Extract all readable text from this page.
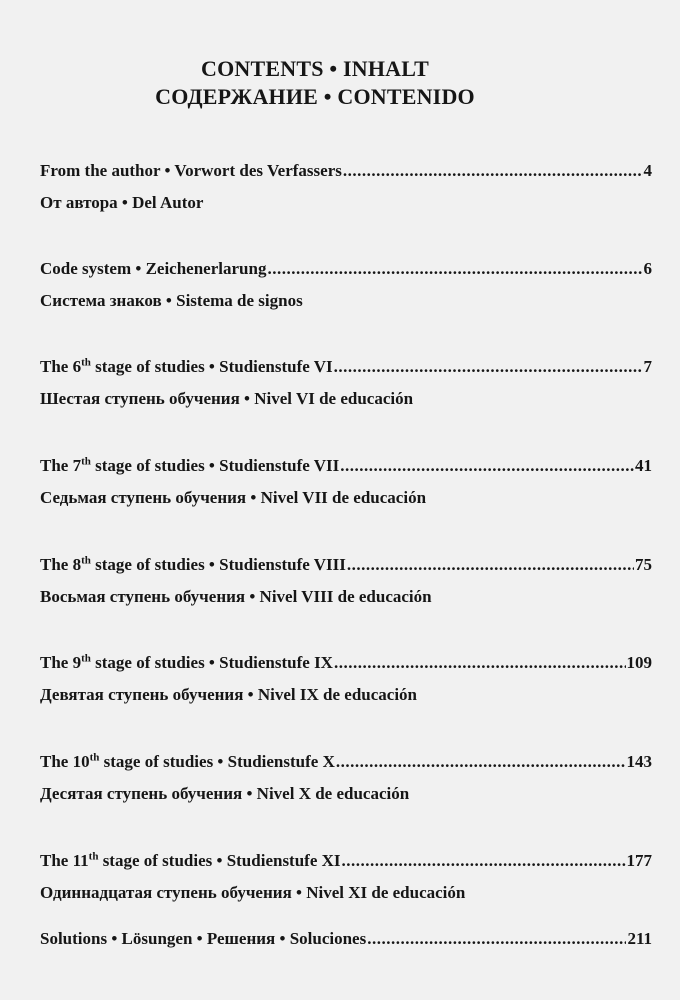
CONTENTS • INHALT
СОДЕРЖАНИЕ • CONTENIDO
From the author • Vorwort des Verfassers .....	4
От автора • Del Autor
Code system • Zeichenerlarung .....	6
Система знаков • Sistema de signos
The 6th stage of studies • Studienstufe VI .....	7
Шестая ступень обучения • Nivel VI de educación
The 7th stage of studies • Studienstufe VII .....	41
Седьмая ступень обучения • Nivel VII de educación
The 8th stage of studies • Studienstufe VIII .....	75
Восьмая ступень обучения • Nivel VIII de educación
The 9th stage of studies • Studienstufe IX .....	109
Девятая ступень обучения • Nivel IX de educación
The 10th stage of studies • Studienstufe X .....	143
Десятая ступень обучения • Nivel X de educación
The 11th stage of studies • Studienstufe XI .....	177
Одиннадцатая ступень обучения • Nivel XI de educación
Solutions • Lösungen • Решения • Soluciones .....	211
